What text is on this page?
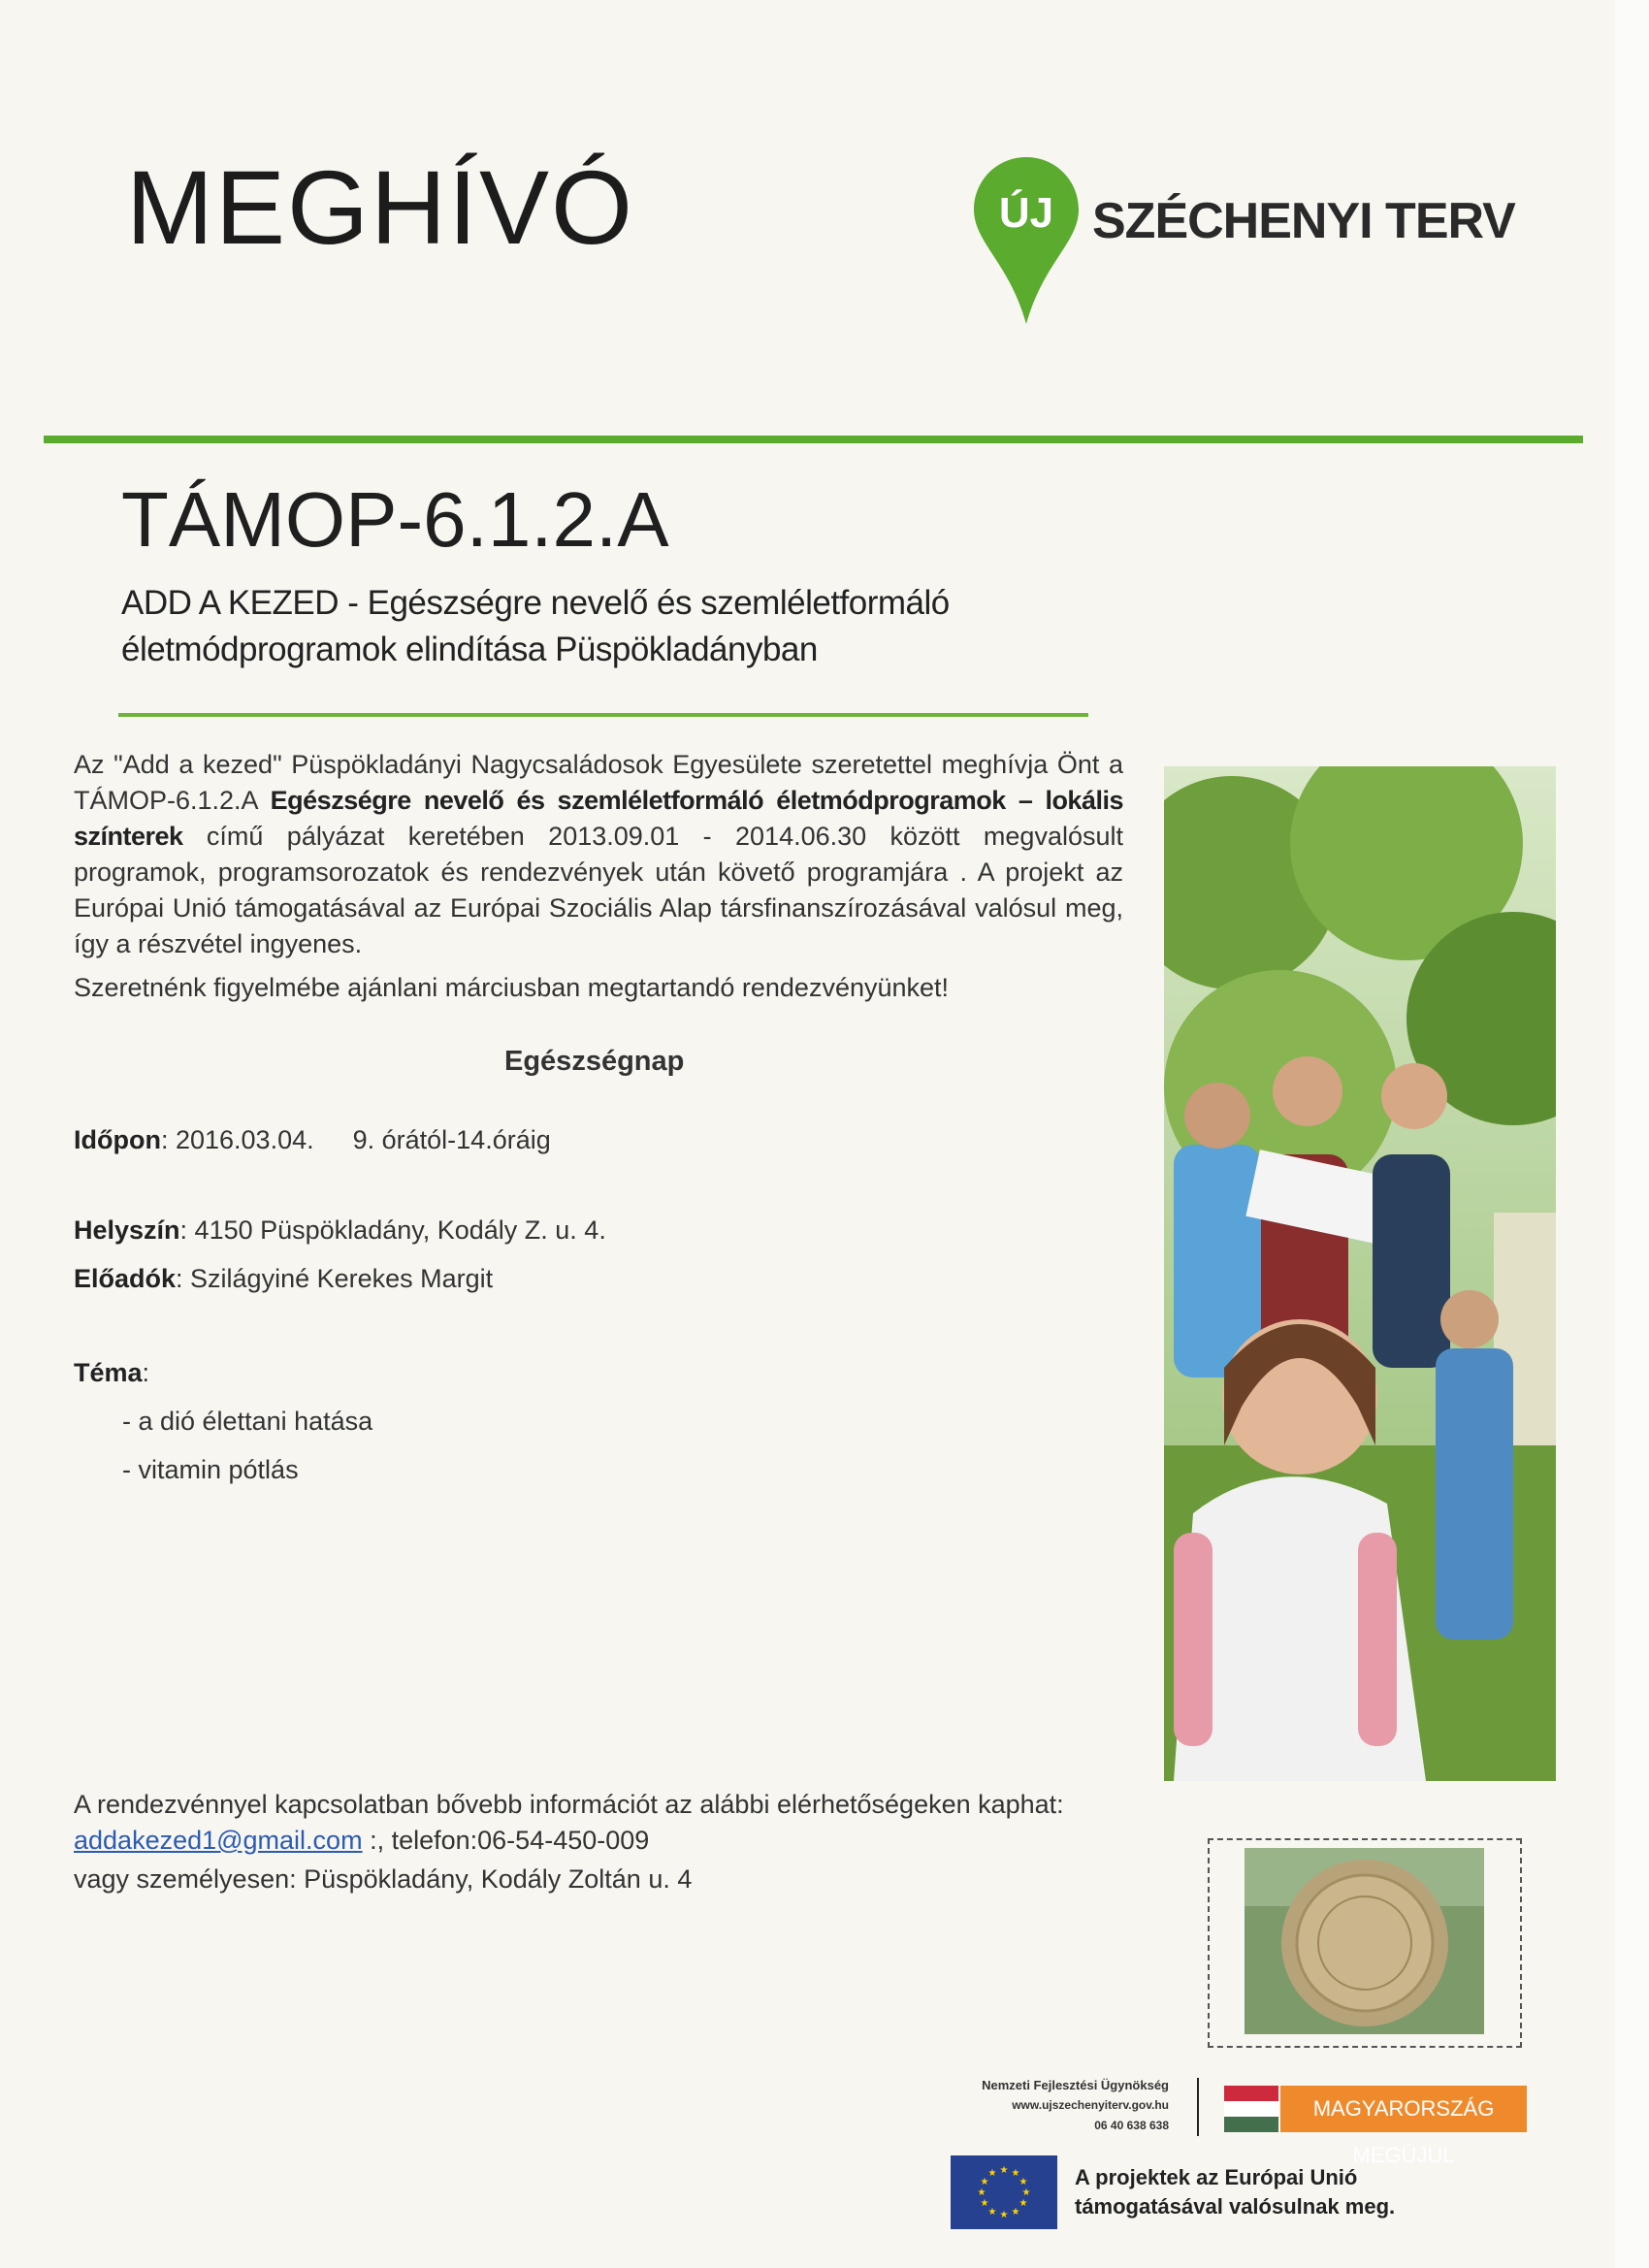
MEGHÍVÓ	ÚJ SZÉCHENYI TERV
TÁMOP-6.1.2.A
ADD A KEZED - Egészségre nevelő és szemléletformáló
életmódprogramok elindítása Püspökladányban
Az "Add a kezed" Püspökladányi Nagycsaládosok Egyesülete szeretettel meghívja Önt a TÁMOP-6.1.2.A Egészségre nevelő és szemléletformáló életmódprogramok – lokális színterek című pályázat keretében 2013.09.01 - 2014.06.30 között megvalósult programok, programsorozatok és rendezvények után követő programjára . A projekt az Európai Unió támogatásával az Európai Szociális Alap társfinanszírozásával valósul meg, így a részvétel ingyenes.
Szeretnénk figyelmébe ajánlani márciusban megtartandó rendezvényünket!
Egészségnap
Időpon: 2016.03.04. 9. órától-14.óráig
Helyszín: 4150 Püspökladány, Kodály Z. u. 4.
Előadók: Szilágyiné Kerekes Margit
Téma:
- a dió élettani hatása
- vitamin pótlás
A rendezvénnyel kapcsolatban bővebb információt az alábbi elérhetőségeken kaphat:
addakezed1@gmail.com :, telefon:06-54-450-009
vagy személyesen: Püspökladány, Kodály Zoltán u. 4
Nemzeti Fejlesztési Ügynökség
www.ujszechenyiterv.gov.hu
06 40 638 638
MAGYARORSZÁG MEGÚJUL
★ ★
★
★
★
★
★
★
★
★
★
★	A projektek az Európai Unió
támogatásával valósulnak meg.
